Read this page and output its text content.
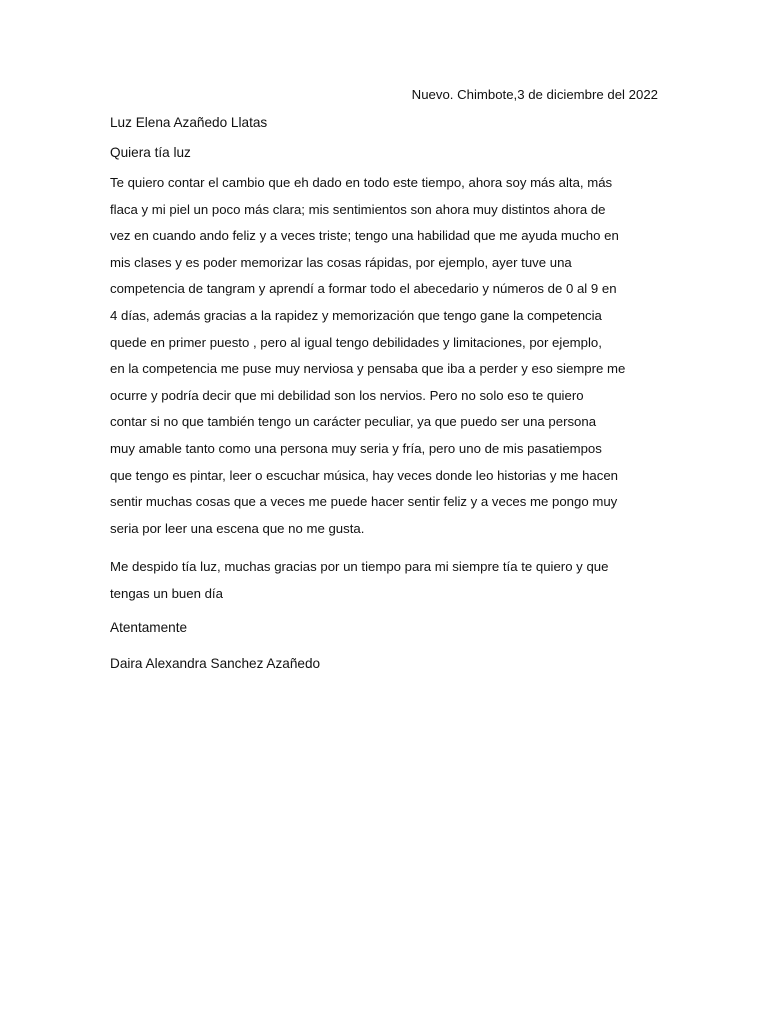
Nuevo. Chimbote,3 de diciembre del 2022
Luz Elena Azañedo Llatas
Quiera tía luz
Te quiero contar el cambio que eh dado en todo este tiempo, ahora soy más alta, más
flaca y mi piel un poco más clara; mis sentimientos son ahora muy distintos ahora de
vez en cuando ando feliz y a veces triste; tengo una habilidad que me ayuda mucho en
mis clases y es poder memorizar las cosas rápidas, por ejemplo, ayer tuve una
competencia de tangram y aprendí a formar todo el abecedario y números de 0 al 9 en
4 días, además gracias a la rapidez y memorización que tengo gane la competencia
quede en primer puesto , pero al igual tengo debilidades y limitaciones, por ejemplo,
en la competencia me puse muy nerviosa y pensaba que iba a perder y eso siempre me
ocurre y podría decir que mi debilidad son los nervios. Pero no solo eso te quiero
contar si no que también tengo un carácter peculiar, ya que puedo ser una persona
muy amable tanto como una persona muy seria y fría, pero uno de mis pasatiempos
que tengo es pintar, leer o escuchar música, hay veces donde leo historias y me hacen
sentir muchas cosas que a veces me puede hacer sentir feliz y a veces me pongo muy
seria por leer una escena que no me gusta.
Me despido tía luz, muchas gracias por un tiempo para mi siempre tía te quiero y que
tengas un buen día
Atentamente
Daira Alexandra Sanchez Azañedo
